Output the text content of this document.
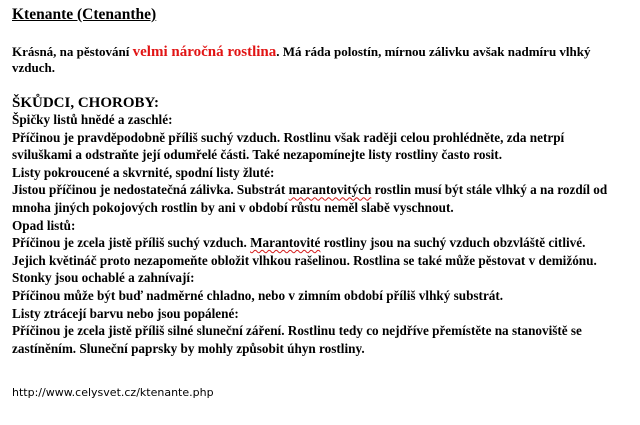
Ktenante (Ctenanthe)
Krásná, na pěstování velmi náročná rostlina. Má ráda polostín, mírnou zálivku avšak nadmíru vlhký vzduch.
ŠKŮDCI, CHOROBY:
Špičky listů hnědé a zaschlé:
Příčinou je pravděpodobně příliš suchý vzduch. Rostlinu však raději celou prohlédněte, zda netrpí sviluškami a odstraňte její odumřelé části. Také nezapomínejte listy rostliny často rosit.
Listy pokroucené a skvrnité, spodní listy žluté:
Jistou příčinou je nedostatečná zálivka. Substrát marantovitých rostlin musí být stále vlhký a na rozdíl od mnoha jiných pokojových rostlin by ani v období růstu neměl slabě vyschnout.
Opad listů:
Příčinou je zcela jistě příliš suchý vzduch. Marantovité rostliny jsou na suchý vzduch obzvláště citlivé. Jejich květináč proto nezapomeňte obložit vlhkou rašelinou. Rostlina se také může pěstovat v demižónu.
Stonky jsou ochablé a zahnívají:
Příčinou může být buď nadměrné chladno, nebo v zimním období příliš vlhký substrát.
Listy ztrácejí barvu nebo jsou popálené:
Příčinou je zcela jistě příliš silné sluneční záření. Rostlinu tedy co nejdříve přemístěte na stanoviště se zastíněním. Sluneční paprsky by mohly způsobit úhyn rostliny.
http://www.celysvet.cz/ktenante.php
